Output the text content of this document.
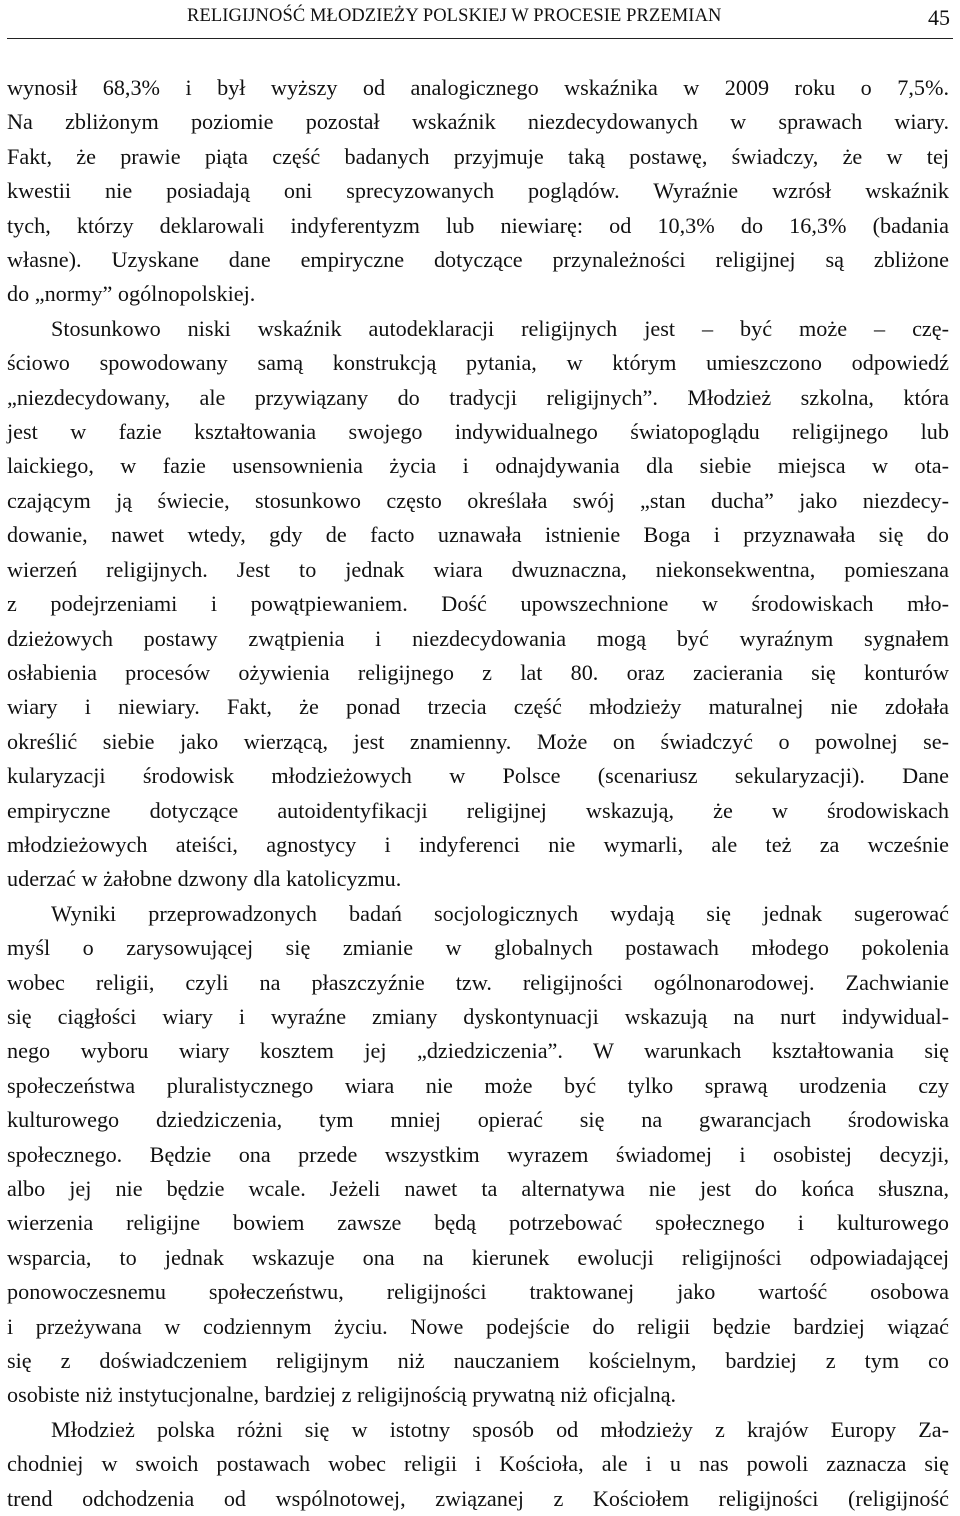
RELIGIJNOŚĆ MŁODZIEŻY POLSKIEJ W PROCESIE PRZEMIAN	45
wynosił 68,3% i był wyższy od analogicznego wskaźnika w 2009 roku o 7,5%.
Na zbliżonym poziomie pozostał wskaźnik niezdecydowanych w sprawach wiary.
Fakt, że prawie piąta część badanych przyjmuje taką postawę, świadczy, że w tej
kwestii nie posiadają oni sprecyzowanych poglądów. Wyraźnie wzrósł wskaźnik
tych, którzy deklarowali indyferentyzm lub niewiarę: od 10,3% do 16,3% (badania
własne). Uzyskane dane empiryczne dotyczące przynależności religijnej są zbliżone
do „normy” ogólnopolskiej.
Stosunkowo niski wskaźnik autodeklaracji religijnych jest – być może – czę-
ściowo spowodowany samą konstrukcją pytania, w którym umieszczono odpowiedź
„niezdecydowany, ale przywiązany do tradycji religijnych”. Młodzież szkolna, która
jest w fazie kształtowania swojego indywidualnego światopoglądu religijnego lub
laickiego, w fazie usensownienia życia i odnajdywania dla siebie miejsca w ota-
czającym ją świecie, stosunkowo często określała swój „stan ducha” jako niezdecy-
dowanie, nawet wtedy, gdy de facto uznawała istnienie Boga i przyznawała się do
wierzeń religijnych. Jest to jednak wiara dwuznaczna, niekonsekwentna, pomieszana
z podejrzeniami i powątpiewaniem. Dość upowszechnione w środowiskach mło-
dzieżowych postawy zwątpienia i niezdecydowania mogą być wyraźnym sygnałem
osłabienia procesów ożywienia religijnego z lat 80. oraz zacierania się konturów
wiary i niewiary. Fakt, że ponad trzecia część młodzieży maturalnej nie zdołała
określić siebie jako wierzącą, jest znamienny. Może on świadczyć o powolnej se-
kularyzacji środowisk młodzieżowych w Polsce (scenariusz sekularyzacji). Dane
empiryczne dotyczące autoidentyfikacji religijnej wskazują, że w środowiskach
młodzieżowych ateiści, agnostycy i indyferenci nie wymarli, ale też za wcześnie
uderzać w żałobne dzwony dla katolicyzmu.
Wyniki przeprowadzonych badań socjologicznych wydają się jednak sugerować
myśl o zarysowującej się zmianie w globalnych postawach młodego pokolenia
wobec religii, czyli na płaszczyźnie tzw. religijności ogólnonarodowej. Zachwianie
się ciągłości wiary i wyraźne zmiany dyskontynuacji wskazują na nurt indywidual-
nego wyboru wiary kosztem jej „dziedziczenia”. W warunkach kształtowania się
społeczeństwa pluralistycznego wiara nie może być tylko sprawą urodzenia czy
kulturowego dziedziczenia, tym mniej opierać się na gwarancjach środowiska
społecznego. Będzie ona przede wszystkim wyrazem świadomej i osobistej decyzji,
albo jej nie będzie wcale. Jeżeli nawet ta alternatywa nie jest do końca słuszna,
wierzenia religijne bowiem zawsze będą potrzebować społecznego i kulturowego
wsparcia, to jednak wskazuje ona na kierunek ewolucji religijności odpowiadającej
ponowoczesnemu społeczeństwu, religijności traktowanej jako wartość osobowa
i przeżywana w codziennym życiu. Nowe podejście do religii będzie bardziej wiązać
się z doświadczeniem religijnym niż nauczaniem kościelnym, bardziej z tym co
osobiste niż instytucjonalne, bardziej z religijnością prywatną niż oficjalną.
Młodzież polska różni się w istotny sposób od młodzieży z krajów Europy Za-
chodniej w swoich postawach wobec religii i Kościoła, ale i u nas powoli zaznacza się
trend odchodzenia od wspólnotowej, związanej z Kościołem religijności (religijność
